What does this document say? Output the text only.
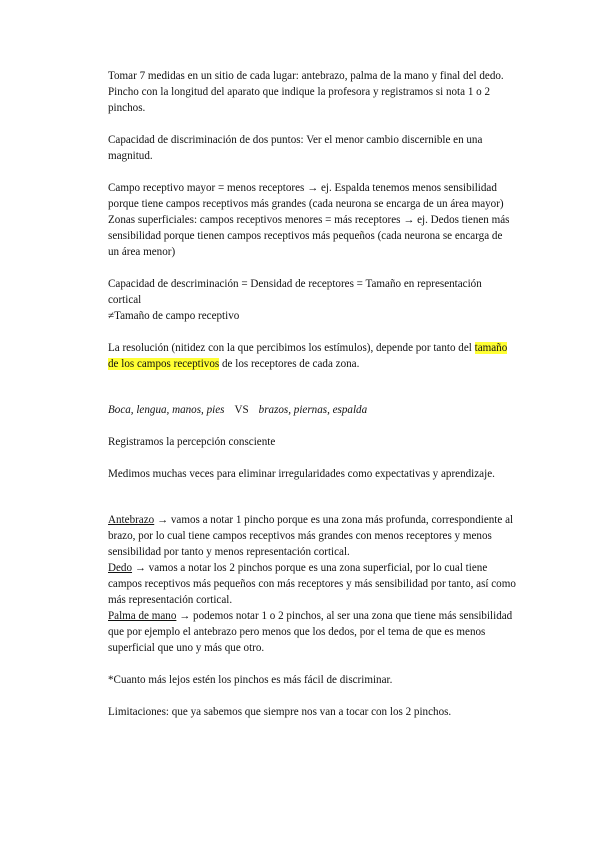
Tomar 7 medidas en un sitio de cada lugar: antebrazo, palma de la mano y final del dedo. Pincho con la longitud del aparato que indique la profesora y registramos si nota 1 o 2 pinchos.

Capacidad de discriminación de dos puntos: Ver el menor cambio discernible en una magnitud.

Campo receptivo mayor = menos receptores → ej. Espalda tenemos menos sensibilidad porque tiene campos receptivos más grandes (cada neurona se encarga de un área mayor)

Zonas superficiales: campos receptivos menores = más receptores → ej. Dedos tienen más sensibilidad porque tienen campos receptivos más pequeños (cada neurona se encarga de un área menor)

Capacidad de descriminación = Densidad de receptores = Tamaño en representación cortical
≠Tamaño de campo receptivo

La resolución (nitidez con la que percibimos los estímulos), depende por tanto del tamaño de los campos receptivos de los receptores de cada zona.

Boca, lengua, manos, pies VS brazos, piernas, espalda

Registramos la percepción consciente

Medimos muchas veces para eliminar irregularidades como expectativas y aprendizaje.

Antebrazo → vamos a notar 1 pincho porque es una zona más profunda, correspondiente al brazo, por lo cual tiene campos receptivos más grandes con menos receptores y menos sensibilidad por tanto y menos representación cortical.

Dedo → vamos a notar los 2 pinchos porque es una zona superficial, por lo cual tiene campos receptivos más pequeños con más receptores y más sensibilidad por tanto, así como más representación cortical.

Palma de mano → podemos notar 1 o 2 pinchos, al ser una zona que tiene más sensibilidad que por ejemplo el antebrazo pero menos que los dedos, por el tema de que es menos superficial que uno y más que otro.

*Cuanto más lejos estén los pinchos es más fácil de discriminar.

Limitaciones: que ya sabemos que siempre nos van a tocar con los 2 pinchos.
